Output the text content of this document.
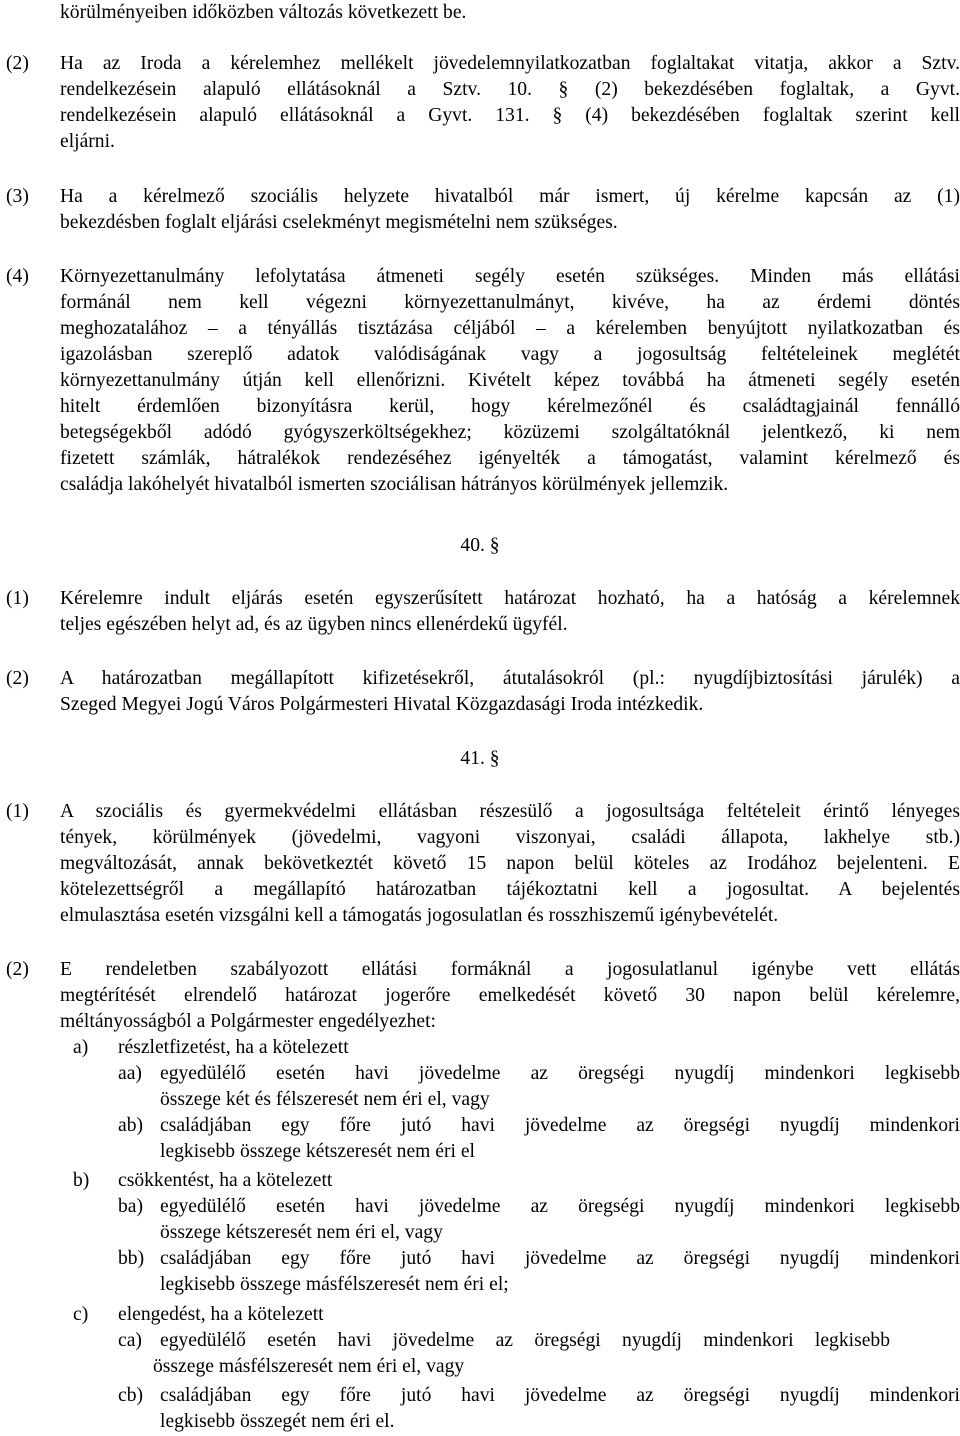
körülményeiben időközben változás következett be.
(2) Ha az Iroda a kérelemhez mellékelt jövedelemnyilatkozatban foglaltakat vitatja, akkor a Sztv.
rendelkezésein alapuló ellátásoknál a Sztv. 10. § (2) bekezdésében foglaltak, a Gyvt.
rendelkezésein alapuló ellátásoknál a Gyvt. 131. § (4) bekezdésében foglaltak szerint kell
eljárni.
(3) Ha a kérelmező szociális helyzete hivatalból már ismert, új kérelme kapcsán az (1)
bekezdésben foglalt eljárási cselekményt megismételni nem szükséges.
(4) Környezettanulmány lefolytatása átmeneti segély esetén szükséges. Minden más ellátási
formánál nem kell végezni környezettanulmányt, kivéve, ha az érdemi döntés
meghozatalához – a tényállás tisztázása céljából – a kérelemben benyújtott nyilatkozatban és
igazolásban szereplő adatok valódiságának vagy a jogosultság feltételeinek meglétét
környezettanulmány útján kell ellenőrizni. Kivételt képez továbbá ha átmeneti segély esetén
hitelt érdemlően bizonyításra kerül, hogy kérelmezőnél és családtagjainál fennálló
betegségekből adódó gyógyszerköltségekhez; közüzemi szolgáltatóknál jelentkező, ki nem
fizetett számlák, hátralékok rendezéséhez igényelték a támogatást, valamint kérelmező és
családja lakóhelyét hivatalból ismerten szociálisan hátrányos körülmények jellemzik.
40. §
(1) Kérelemre indult eljárás esetén egyszerűsített határozat hozható, ha a hatóság a kérelemnek
teljes egészében helyt ad, és az ügyben nincs ellenérdekű ügyfél.
(2) A határozatban megállapított kifizetésekről, átutalásokról (pl.: nyugdíjbiztosítási járulék) a
Szeged Megyei Jogú Város Polgármesteri Hivatal Közgazdasági Iroda intézkedik.
41. §
(1) A szociális és gyermekvédelmi ellátásban részesülő a jogosultsága feltételeit érintő lényeges
tények, körülmények (jövedelmi, vagyoni viszonyai, családi állapota, lakhelye stb.)
megváltozását, annak bekövetkeztét követő 15 napon belül köteles az Irodához bejelenteni. E
kötelezettségről a megállapító határozatban tájékoztatni kell a jogosultat. A bejelentés
elmulasztása esetén vizsgálni kell a támogatás jogosulatlan és rosszhiszemű igénybevételét.
(2) E rendeletben szabályozott ellátási formáknál a jogosulatlanul igénybe vett ellátás
megtérítését elrendelő határozat jogerőre emelkedését követő 30 napon belül kérelemre,
méltányosságból a Polgármester engedélyezhet:
a) részletfizetést, ha a kötelezett
aa) egyedülélő esetén havi jövedelme az öregségi nyugdíj mindenkori legkisebb
összege két és félszeresét nem éri el, vagy
ab) családjában egy főre jutó havi jövedelme az öregségi nyugdíj mindenkori
legkisebb összege kétszeresét nem éri el
b) csökkentést, ha a kötelezett
ba) egyedülélő esetén havi jövedelme az öregségi nyugdíj mindenkori legkisebb
összege kétszeresét nem éri el, vagy
bb) családjában egy főre jutó havi jövedelme az öregségi nyugdíj mindenkori
legkisebb összege másfélszeresét nem éri el;
c) elengedést, ha a kötelezett
ca) egyedülélő esetén havi jövedelme az öregségi nyugdíj mindenkori legkisebb
összege másfélszeresét nem éri el, vagy
cb) családjában egy főre jutó havi jövedelme az öregségi nyugdíj mindenkori
legkisebb összegét nem éri el.
